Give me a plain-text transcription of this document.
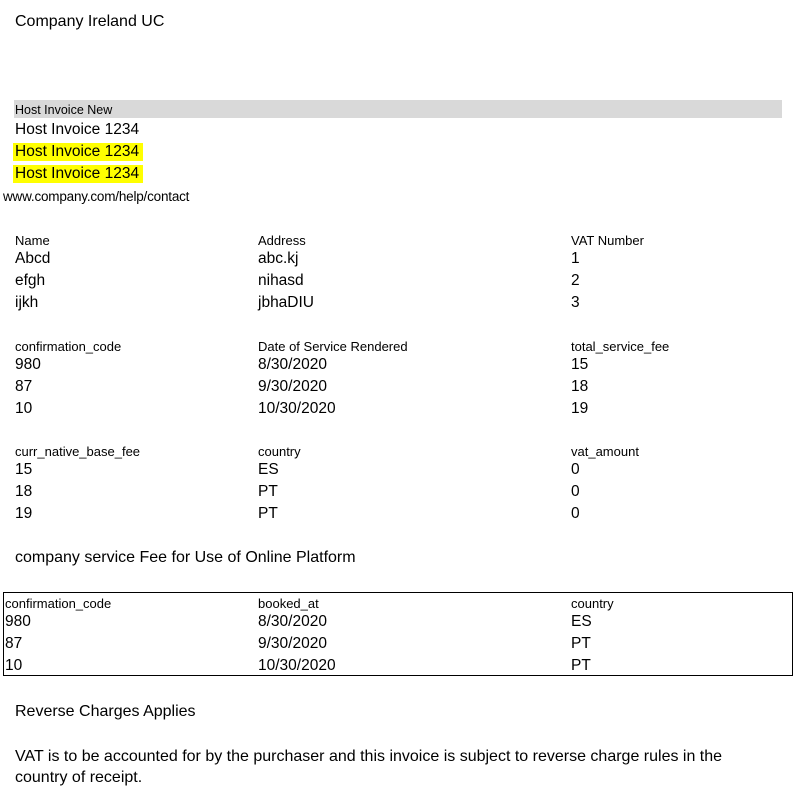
Company Ireland UC
Host Invoice New
Host Invoice 1234
Host Invoice 1234
Host Invoice 1234
www.company.com/help/contact
Name	Address	VAT Number
Abcd	abc.kj	1
efgh	nihasd	2
ijkh	jbhaDIU	3
confirmation_code	Date of Service Rendered	total_service_fee
980	8/30/2020	15
87	9/30/2020	18
10	10/30/2020	19
curr_native_base_fee	country	vat_amount
15	ES	0
18	PT	0
19	PT	0
company service Fee for Use of Online Platform
confirmation_code	booked_at	country
980	8/30/2020	ES
87	9/30/2020	PT
10	10/30/2020	PT
Reverse Charges Applies
VAT is to be accounted for by the purchaser and this invoice is subject to reverse charge rules in the country of receipt.
